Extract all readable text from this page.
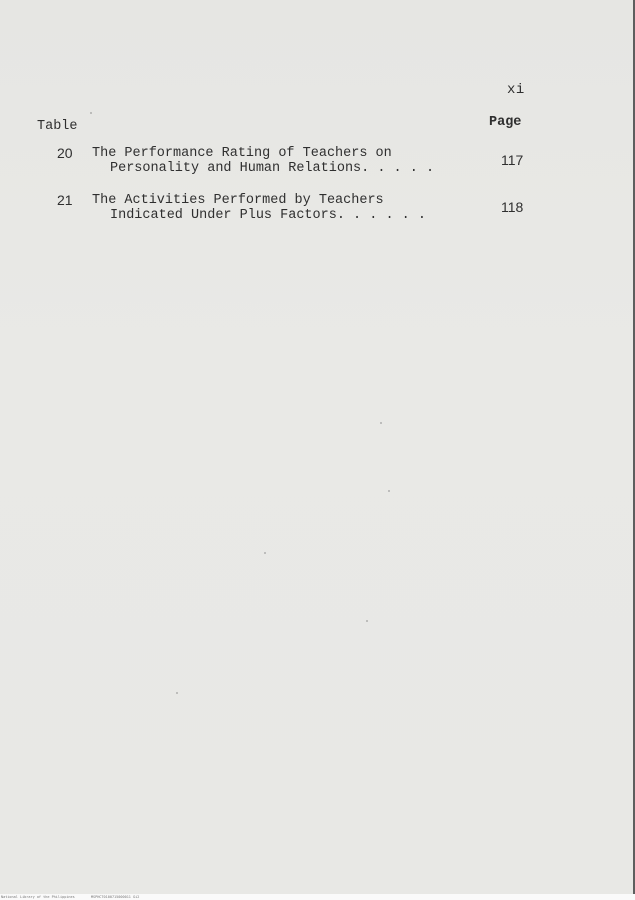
xi
Table	Page
20 The Performance Rating of Teachers on
Personality and Human Relations. . . . .
117
21 The Activities Performed by Teachers
Indicated Under Plus Factors. . . . . .
118
National Library of the Philippines	MSPHCT0100715000011 Gi2
